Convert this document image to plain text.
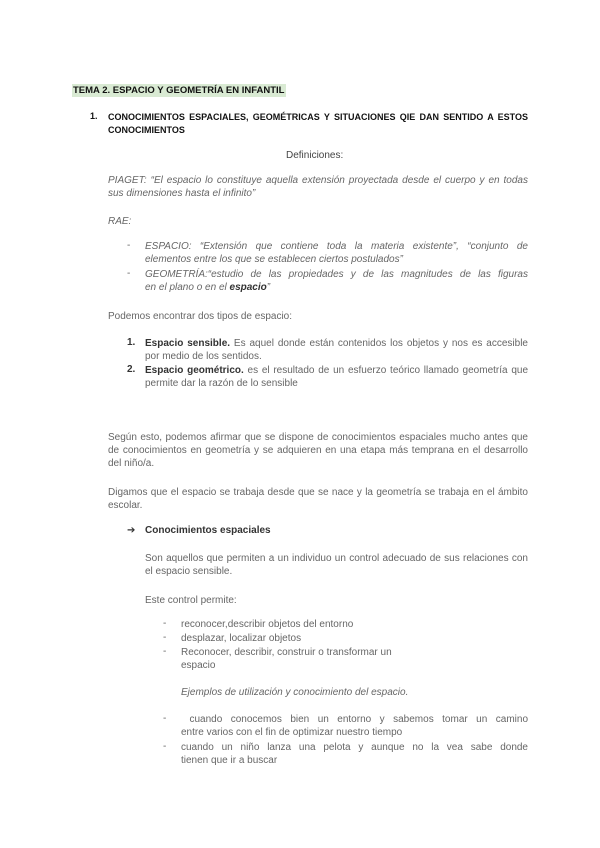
TEMA 2. ESPACIO Y GEOMETRÍA EN INFANTIL
1. CONOCIMIENTOS ESPACIALES, GEOMÉTRICAS Y SITUACIONES QIE DAN SENTIDO A ESTOS CONOCIMIENTOS
Definiciones:
PIAGET: “El espacio lo constituye aquella extensión proyectada desde el cuerpo y en todas sus dimensiones hasta el infinito”
RAE:
- ESPACIO: “Extensión que contiene toda la materia existente”, “conjunto de
elementos entre los que se establecen ciertos postulados”
- GEOMETRÍA:“estudio de las propiedades y de las magnitudes de las figuras
en el plano o en el espacio”
Podemos encontrar dos tipos de espacio:
1. Espacio sensible. Es aquel donde están contenidos los objetos y nos es accesible por medio de los sentidos.
2. Espacio geométrico. es el resultado de un esfuerzo teórico llamado geometría que permite dar la razón de lo sensible
Según esto, podemos afirmar que se dispone de conocimientos espaciales mucho antes que de conocimientos en geometría y se adquieren en una etapa más temprana en el desarrollo del niño/a.
Digamos que el espacio se trabaja desde que se nace y la geometría se trabaja en el ámbito escolar.
➔ Conocimientos espaciales
Son aquellos que permiten a un individuo un control adecuado de sus relaciones con el espacio sensible.
Este control permite:
- reconocer,describir objetos del entorno
- desplazar, localizar objetos
- Reconocer, describir, construir o transformar un
espacio
Ejemplos de utilización y conocimiento del espacio.
- cuando conocemos bien un entorno y sabemos tomar un camino
entre varios con el fin de optimizar nuestro tiempo
- cuando un niño lanza una pelota y aunque no la vea sabe donde
tienen que ir a buscar
